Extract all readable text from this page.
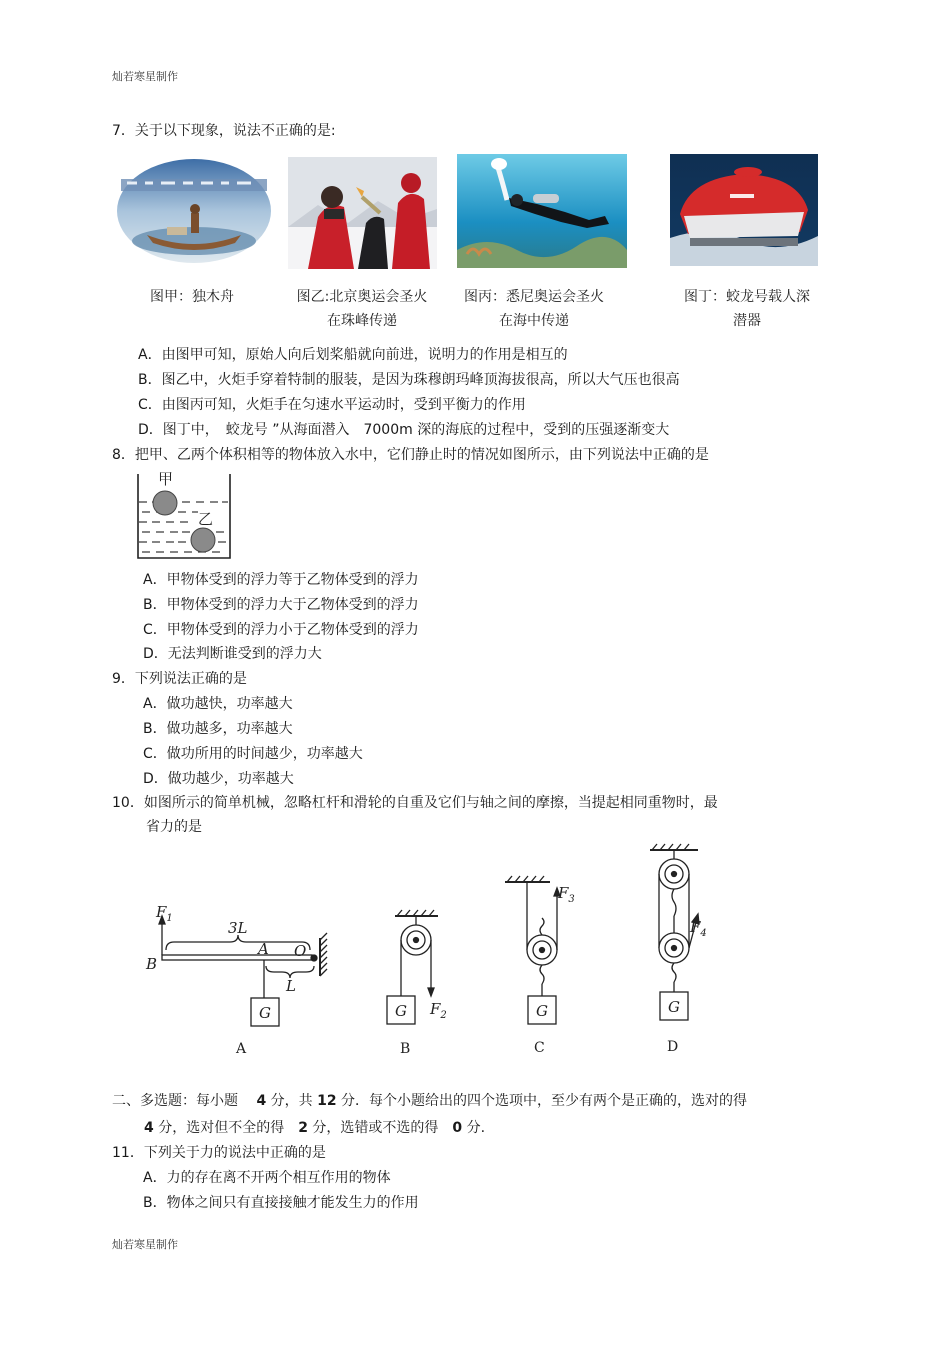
灿若寒星制作
灿若寒星制作
7．关于以下现象，说法不正确的是:
图甲：独木舟	图乙:北京奥运会圣火在珠峰传递
图丙：悉尼奥运会圣火在海中传递
图丁：蛟龙号载人深潜器
A．由图甲可知，原始人向后划桨船就向前进，说明力的作用是相互的
B．图乙中，火炬手穿着特制的服装，是因为珠穆朗玛峰顶海拔很高，所以大气压也很高
C．由图丙可知，火炬手在匀速水平运动时，受到平衡力的作用
D．图丁中，　蛟龙号 ”从海面潜入　7000m 深的海底的过程中，受到的压强逐渐变大
8．把甲、乙两个体积相等的物体放入水中，它们静止时的情况如图所示，由下列说法中正确的是
甲
乙
A．甲物体受到的浮力等于乙物体受到的浮力
B．甲物体受到的浮力大于乙物体受到的浮力
C．甲物体受到的浮力小于乙物体受到的浮力
D．无法判断谁受到的浮力大
9．下列说法正确的是
A．做功越快，功率越大
B．做功越多，功率越大
C．做功所用的时间越少，功率越大
D．做功越少，功率越大
10．如图所示的简单机械，忽略杠杆和滑轮的自重及它们与轴之间的摩擦，当提起相同重物时，最
省力的是
$F_1$
3L
A O
B
L
G	G $F_2$
$F_3$
G
$F_4$
G
A	B	C	D
二、多选题：每小题  4 分，共 12 分．每个小题给出的四个选项中，至少有两个是正确的，选对的得
4 分，选对但不全的得  2 分，选错或不选的得  0 分.
11．下列关于力的说法中正确的是
A．力的存在离不开两个相互作用的物体
B．物体之间只有直接接触才能发生力的作用
